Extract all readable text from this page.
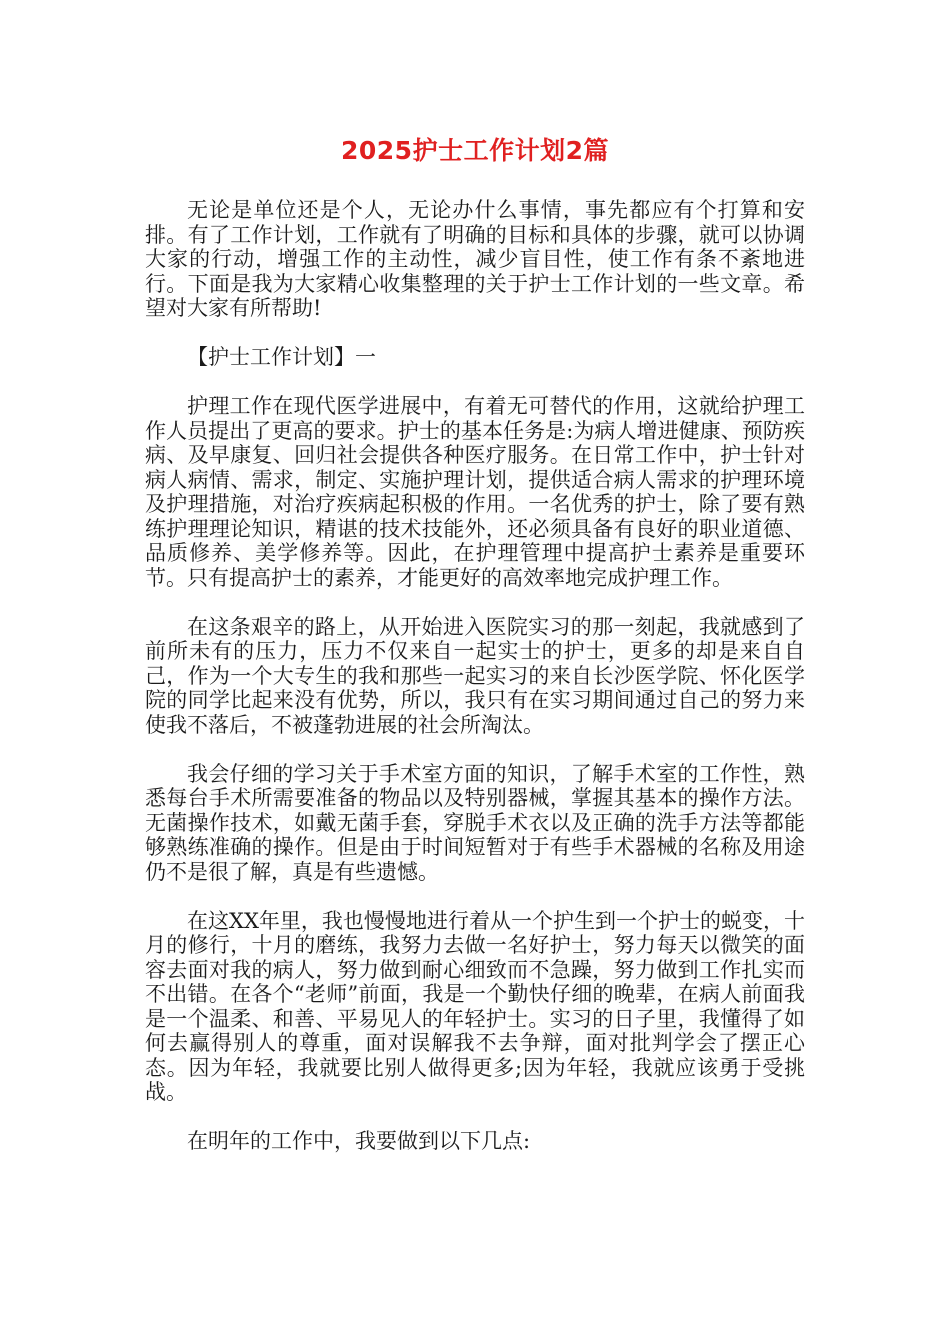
2025护士工作计划2篇

无论是单位还是个人，无论办什么事情，事先都应有个打算和安排。有了工作计划，工作就有了明确的目标和具体的步骤，就可以协调大家的行动，增强工作的主动性，减少盲目性，使工作有条不紊地进行。下面是我为大家精心收集整理的关于护士工作计划的一些文章。希望对大家有所帮助!

【护士工作计划】一

护理工作在现代医学进展中，有着无可替代的作用，这就给护理工作人员提出了更高的要求。护士的基本任务是:为病人增进健康、预防疾病、及早康复、回归社会提供各种医疗服务。在日常工作中，护士针对病人病情、需求，制定、实施护理计划，提供适合病人需求的护理环境及护理措施，对治疗疾病起积极的作用。一名优秀的护士，除了要有熟练护理理论知识，精谌的技术技能外，还必须具备有良好的职业道德、品质修养、美学修养等。因此，在护理管理中提高护士素养是重要环节。只有提高护士的素养，才能更好的高效率地完成护理工作。

在这条艰辛的路上，从开始进入医院实习的那一刻起，我就感到了前所未有的压力，压力不仅来自一起实士的护士，更多的却是来自自己，作为一个大专生的我和那些一起实习的来自长沙医学院、怀化医学院的同学比起来没有优势，所以，我只有在实习期间通过自己的努力来使我不落后，不被蓬勃进展的社会所淘汰。

我会仔细的学习关于手术室方面的知识，了解手术室的工作性，熟悉每台手术所需要准备的物品以及特别器械，掌握其基本的操作方法。无菌操作技术，如戴无菌手套，穿脱手术衣以及正确的洗手方法等都能够熟练准确的操作。但是由于时间短暂对于有些手术器械的名称及用途仍不是很了解，真是有些遗憾。

在这XX年里，我也慢慢地进行着从一个护生到一个护士的蜕变，十月的修行，十月的磨练，我努力去做一名好护士，努力每天以微笑的面容去面对我的病人，努力做到耐心细致而不急躁，努力做到工作扎实而不出错。在各个“老师”前面，我是一个勤快仔细的晚辈，在病人前面我是一个温柔、和善、平易见人的年轻护士。实习的日子里，我懂得了如何去赢得别人的尊重，面对误解我不去争辩，面对批判学会了摆正心态。因为年轻，我就要比别人做得更多;因为年轻，我就应该勇于受挑战。

在明年的工作中，我要做到以下几点:
